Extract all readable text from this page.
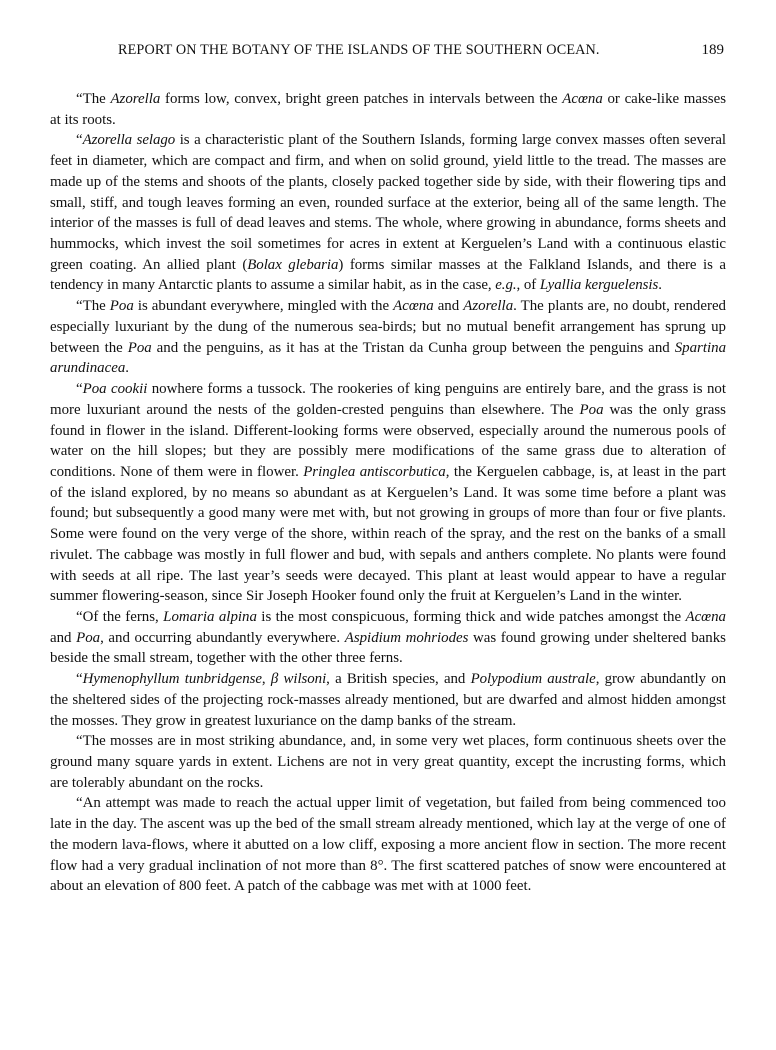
REPORT ON THE BOTANY OF THE ISLANDS OF THE SOUTHERN OCEAN.	189

“The Azorella forms low, convex, bright green patches in intervals between the Acœna or cake-like masses at its roots.

“Azorella selago is a characteristic plant of the Southern Islands, forming large convex masses often several feet in diameter, which are compact and firm, and when on solid ground, yield little to the tread. The masses are made up of the stems and shoots of the plants, closely packed together side by side, with their flowering tips and small, stiff, and tough leaves forming an even, rounded surface at the exterior, being all of the same length. The interior of the masses is full of dead leaves and stems. The whole, where growing in abundance, forms sheets and hummocks, which invest the soil sometimes for acres in extent at Kerguelen’s Land with a continuous elastic green coating. An allied plant (Bolax glebaria) forms similar masses at the Falkland Islands, and there is a tendency in many Antarctic plants to assume a similar habit, as in the case, e.g., of Lyallia kerguelensis.

“The Poa is abundant everywhere, mingled with the Acœna and Azorella. The plants are, no doubt, rendered especially luxuriant by the dung of the numerous sea-birds; but no mutual benefit arrangement has sprung up between the Poa and the penguins, as it has at the Tristan da Cunha group between the penguins and Spartina arundinacea.

“Poa cookii nowhere forms a tussock. The rookeries of king penguins are entirely bare, and the grass is not more luxuriant around the nests of the golden-crested penguins than elsewhere. The Poa was the only grass found in flower in the island. Different-looking forms were observed, especially around the numerous pools of water on the hill slopes; but they are possibly mere modifications of the same grass due to alteration of conditions. None of them were in flower. Pringlea antiscorbutica, the Kerguelen cabbage, is, at least in the part of the island explored, by no means so abundant as at Kerguelen’s Land. It was some time before a plant was found; but subsequently a good many were met with, but not growing in groups of more than four or five plants. Some were found on the very verge of the shore, within reach of the spray, and the rest on the banks of a small rivulet. The cabbage was mostly in full flower and bud, with sepals and anthers complete. No plants were found with seeds at all ripe. The last year’s seeds were decayed. This plant at least would appear to have a regular summer flowering-season, since Sir Joseph Hooker found only the fruit at Kerguelen’s Land in the winter.

“Of the ferns, Lomaria alpina is the most conspicuous, forming thick and wide patches amongst the Acœna and Poa, and occurring abundantly everywhere. Aspidium mohriodes was found growing under sheltered banks beside the small stream, together with the other three ferns.

“Hymenophyllum tunbridgense, β wilsoni, a British species, and Polypodium australe, grow abundantly on the sheltered sides of the projecting rock-masses already mentioned, but are dwarfed and almost hidden amongst the mosses. They grow in greatest luxuriance on the damp banks of the stream.

“The mosses are in most striking abundance, and, in some very wet places, form continuous sheets over the ground many square yards in extent. Lichens are not in very great quantity, except the incrusting forms, which are tolerably abundant on the rocks.

“An attempt was made to reach the actual upper limit of vegetation, but failed from being commenced too late in the day. The ascent was up the bed of the small stream already mentioned, which lay at the verge of one of the modern lava-flows, where it abutted on a low cliff, exposing a more ancient flow in section. The more recent flow had a very gradual inclination of not more than 8°. The first scattered patches of snow were encountered at about an elevation of 800 feet. A patch of the cabbage was met with at 1000 feet.
